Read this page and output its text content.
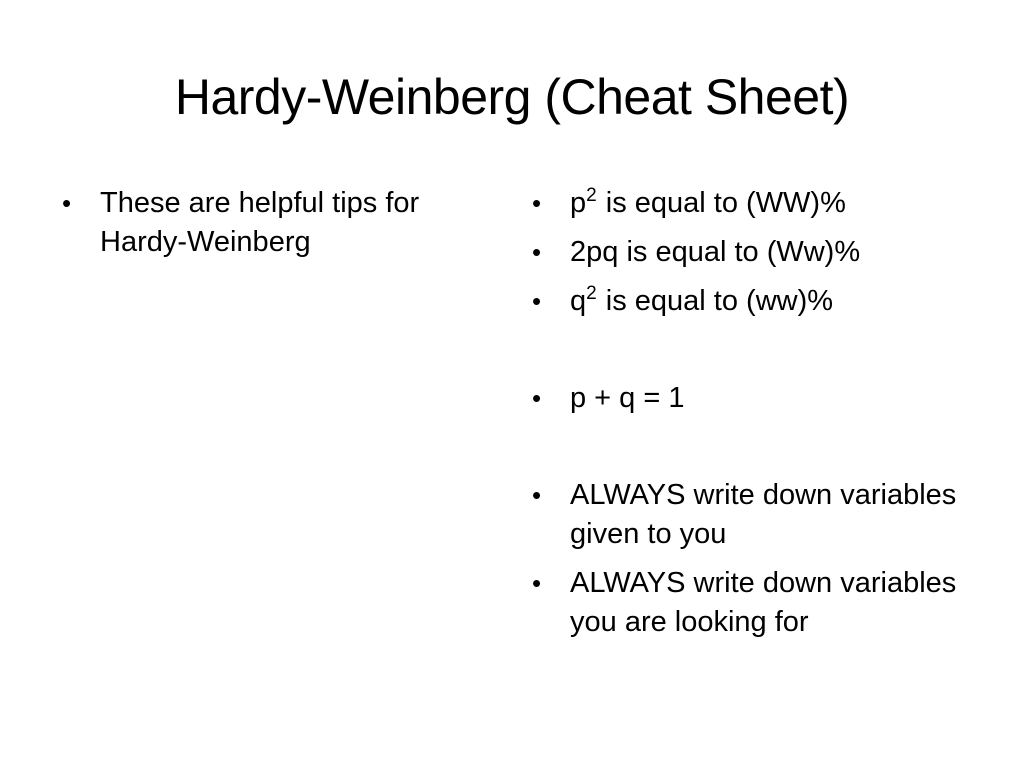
Hardy-Weinberg (Cheat Sheet)
• These are helpful tips for Hardy-Weinberg
• $p^2$ is equal to (WW)%
• 2pq is equal to (Ww)%
• $q^2$ is equal to (ww)%
• p + q = 1
• ALWAYS write down variables given to you
• ALWAYS write down variables you are looking for
